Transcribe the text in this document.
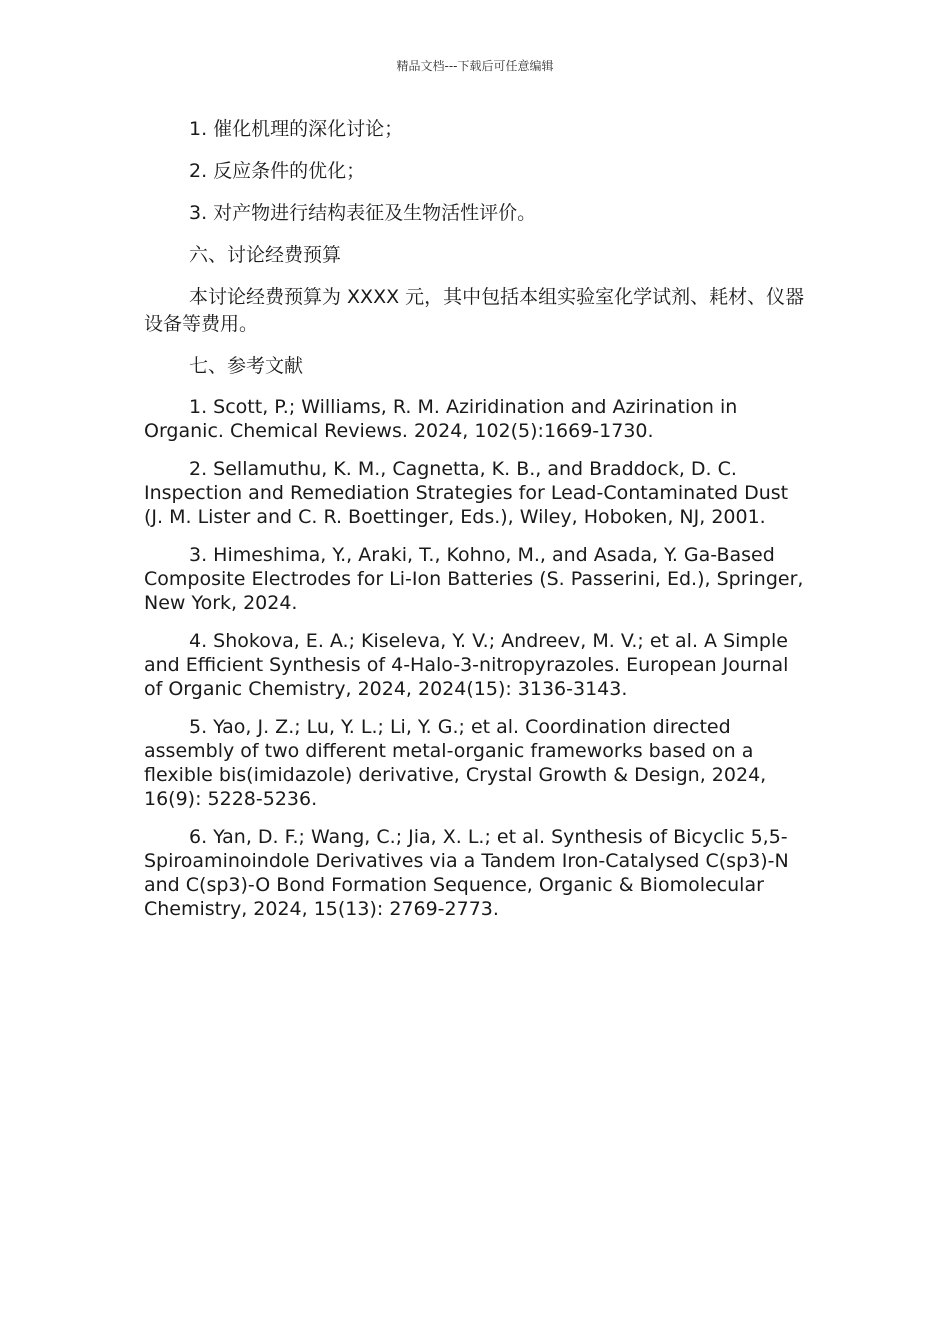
精品文档---下载后可任意编辑

1. 催化机理的深化讨论；

2. 反应条件的优化；

3. 对产物进行结构表征及生物活性评价。

六、讨论经费预算

本讨论经费预算为 XXXX 元，其中包括本组实验室化学试剂、耗材、仪器设备等费用。

七、参考文献

1. Scott, P.; Williams, R. M. Aziridination and Azirination in Organic. Chemical Reviews. 2024, 102(5):1669-1730.

2. Sellamuthu, K. M., Cagnetta, K. B., and Braddock, D. C. Inspection and Remediation Strategies for Lead-Contaminated Dust (J. M. Lister and C. R. Boettinger, Eds.), Wiley, Hoboken, NJ, 2001.

3. Himeshima, Y., Araki, T., Kohno, M., and Asada, Y. Ga-Based Composite Electrodes for Li-Ion Batteries (S. Passerini, Ed.), Springer, New York, 2024.

4. Shokova, E. A.; Kiseleva, Y. V.; Andreev, M. V.; et al. A Simple and Efficient Synthesis of 4-Halo-3-nitropyrazoles. European Journal of Organic Chemistry, 2024, 2024(15): 3136-3143.

5. Yao, J. Z.; Lu, Y. L.; Li, Y. G.; et al. Coordination directed assembly of two different metal-organic frameworks based on a flexible bis(imidazole) derivative, Crystal Growth & Design, 2024, 16(9): 5228-5236.

6. Yan, D. F.; Wang, C.; Jia, X. L.; et al. Synthesis of Bicyclic 5,5-Spiroaminoindole Derivatives via a Tandem Iron-Catalysed C(sp3)-N and C(sp3)-O Bond Formation Sequence, Organic & Biomolecular Chemistry, 2024, 15(13): 2769-2773.
